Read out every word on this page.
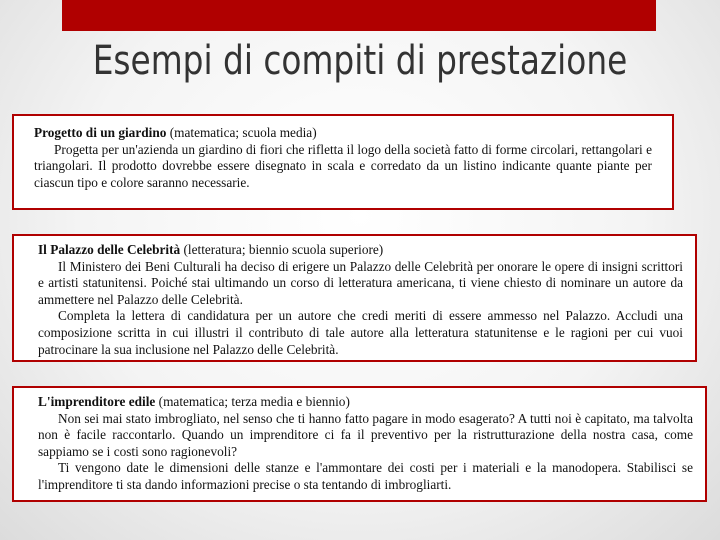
Esempi di compiti di prestazione
Progetto di un giardino (matematica; scuola media)
Progetta per un'azienda un giardino di fiori che rifletta il logo della società fatto di forme circolari, rettangolari e triangolari. Il prodotto dovrebbe essere disegnato in scala e corredato da un listino indicante quante piante per ciascun tipo e colore saranno necessarie.
Il Palazzo delle Celebrità (letteratura; biennio scuola superiore)
Il Ministero dei Beni Culturali ha deciso di erigere un Palazzo delle Celebrità per onorare le opere di insigni scrittori e artisti statunitensi. Poiché stai ultimando un corso di letteratura americana, ti viene chiesto di nominare un autore da ammettere nel Palazzo delle Celebrità.
Completa la lettera di candidatura per un autore che credi meriti di essere ammesso nel Palazzo. Accludi una composizione scritta in cui illustri il contributo di tale autore alla letteratura statunitense e le ragioni per cui vuoi patrocinare la sua inclusione nel Palazzo delle Celebrità.
L'imprenditore edile (matematica; terza media e biennio)
Non sei mai stato imbrogliato, nel senso che ti hanno fatto pagare in modo esagerato? A tutti noi è capitato, ma talvolta non è facile raccontarlo. Quando un imprenditore ci fa il preventivo per la ristrutturazione della nostra casa, come sappiamo se i costi sono ragionevoli?
Ti vengono date le dimensioni delle stanze e l'ammontare dei costi per i materiali e la manodopera. Stabilisci se l'imprenditore ti sta dando informazioni precise o sta tentando di imbrogliarti.
